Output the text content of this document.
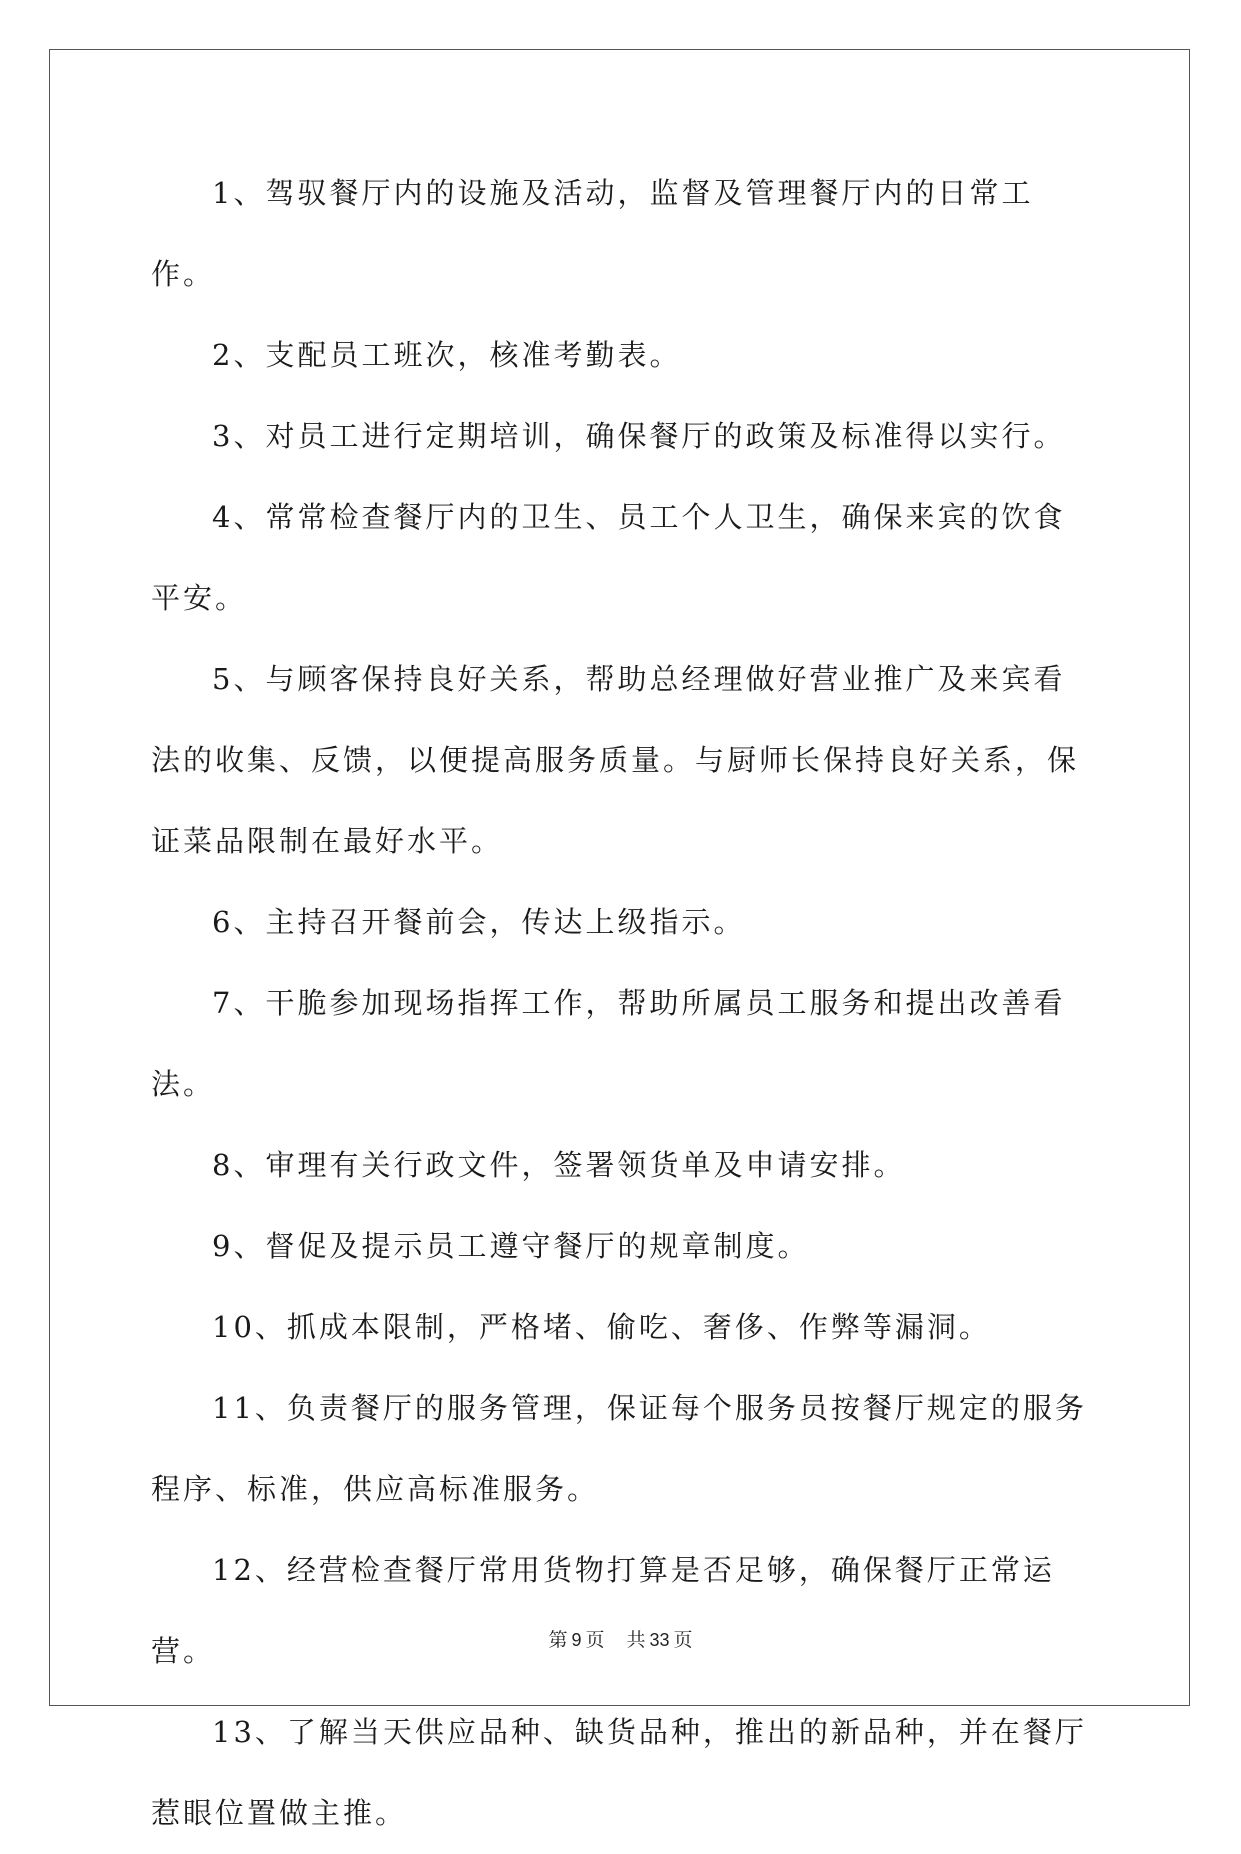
1、驾驭餐厅内的设施及活动，监督及管理餐厅内的日常工作。

2、支配员工班次，核准考勤表。

3、对员工进行定期培训，确保餐厅的政策及标准得以实行。

4、常常检查餐厅内的卫生、员工个人卫生，确保来宾的饮食平安。

5、与顾客保持良好关系，帮助总经理做好营业推广及来宾看法的收集、反馈，以便提高服务质量。与厨师长保持良好关系，保证菜品限制在最好水平。

6、主持召开餐前会，传达上级指示。

7、干脆参加现场指挥工作，帮助所属员工服务和提出改善看法。

8、审理有关行政文件，签署领货单及申请安排。

9、督促及提示员工遵守餐厅的规章制度。

10、抓成本限制，严格堵、偷吃、奢侈、作弊等漏洞。

11、负责餐厅的服务管理，保证每个服务员按餐厅规定的服务程序、标准，供应高标准服务。

12、经营检查餐厅常用货物打算是否足够，确保餐厅正常运营。

13、了解当天供应品种、缺货品种，推出的新品种，并在餐厅惹眼位置做主推。

第 9 页 共 33 页
